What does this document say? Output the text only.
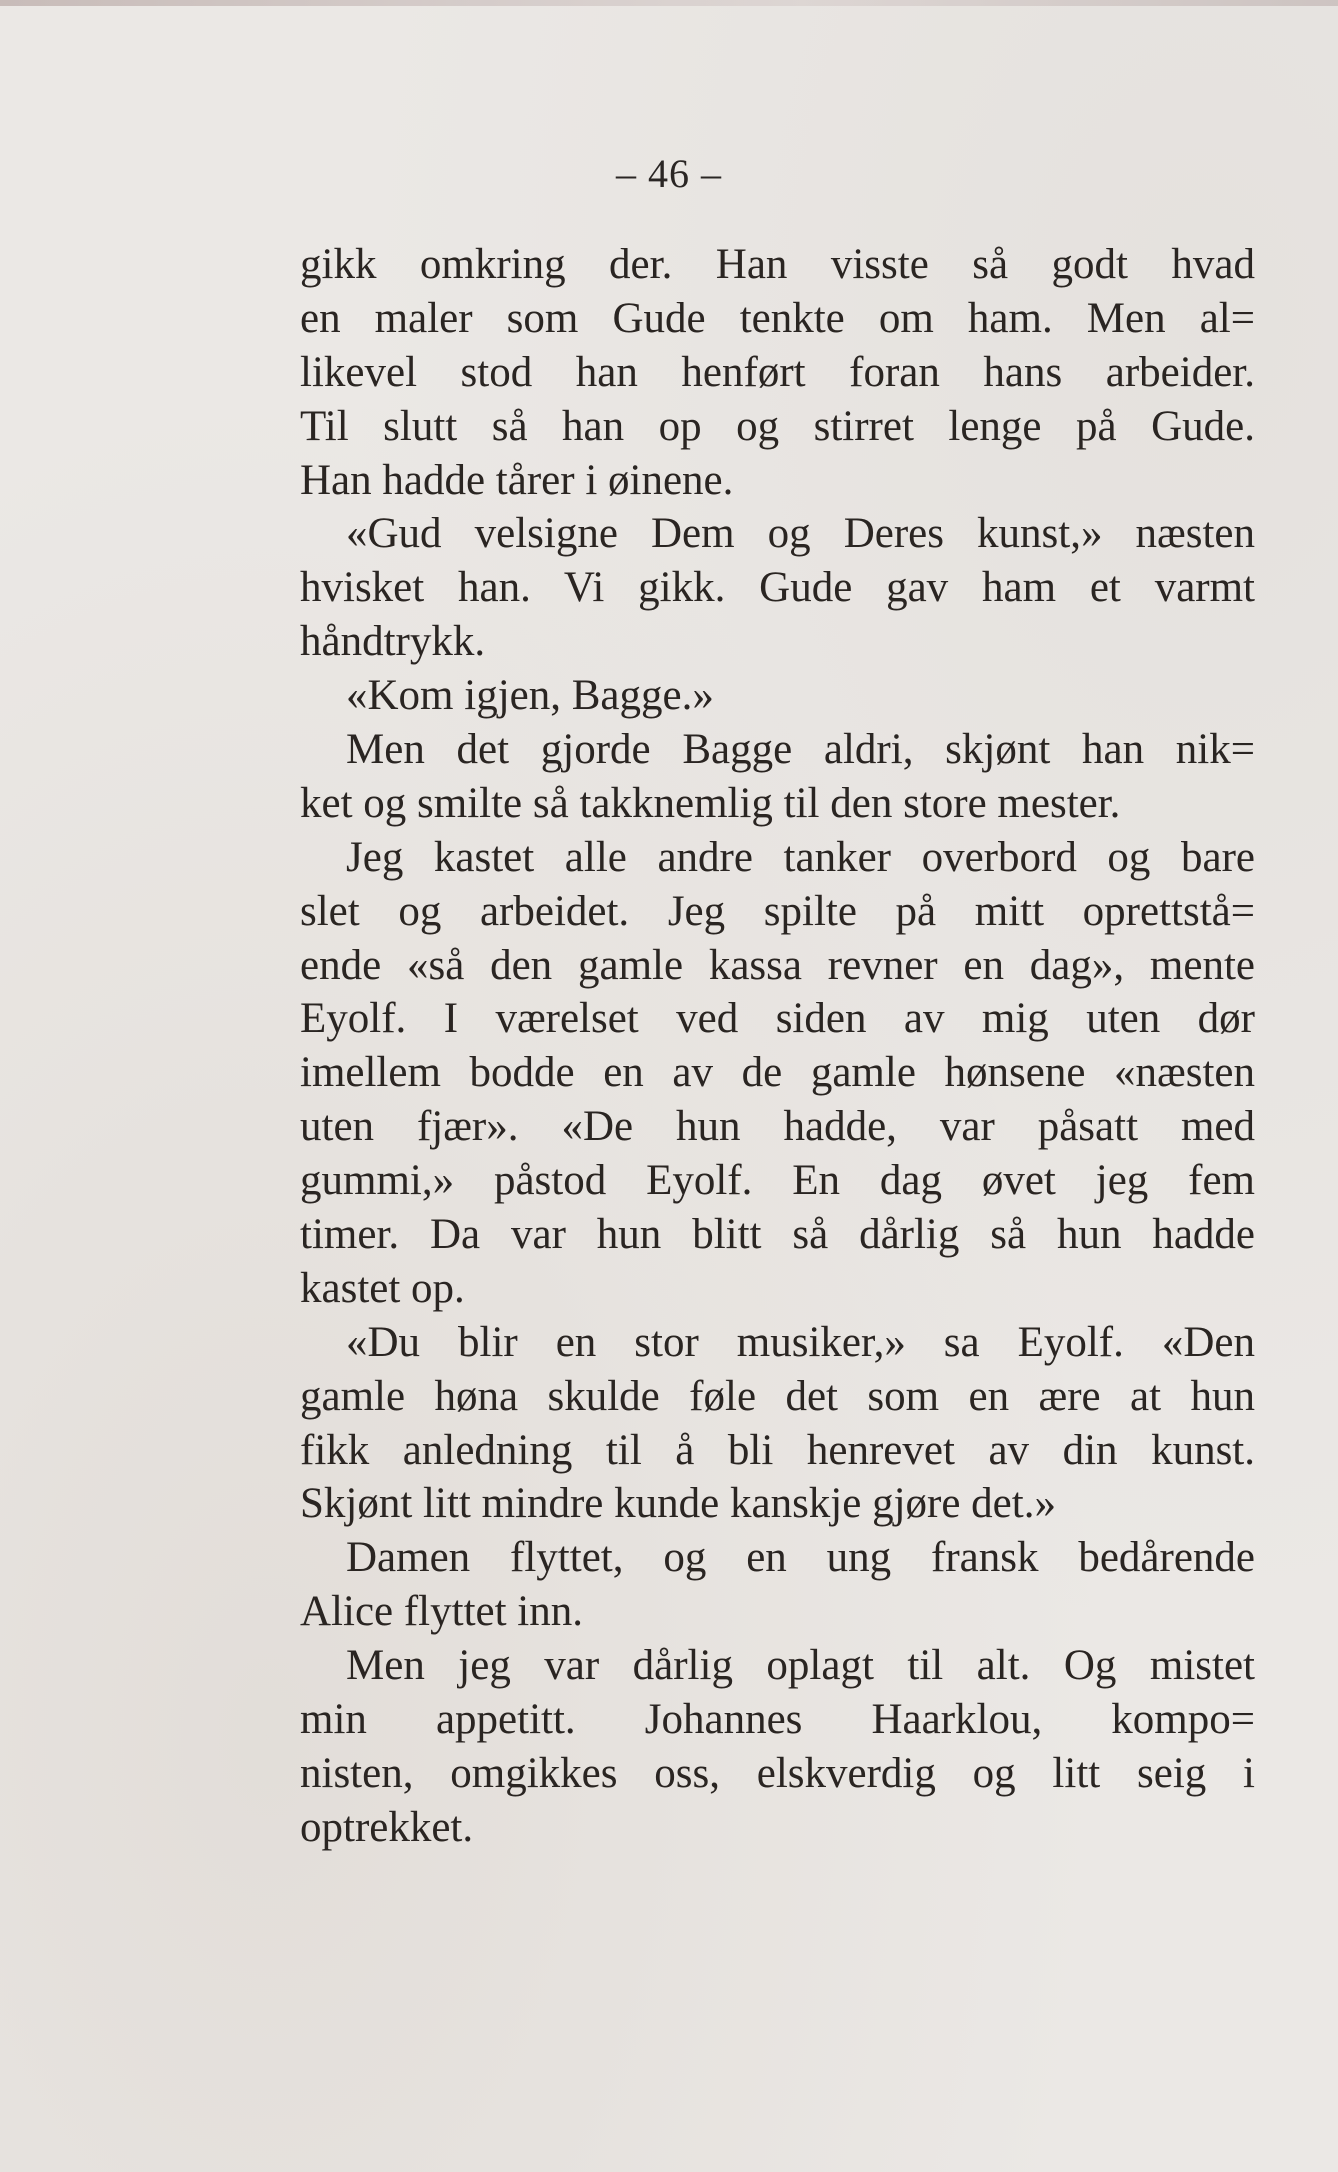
– 46 –
gikk omkring der. Han visste så godt hvad
en maler som Gude tenkte om ham. Men al=
likevel stod han henført foran hans arbeider.
Til slutt så han op og stirret lenge på Gude.
Han hadde tårer i øinene.
«Gud velsigne Dem og Deres kunst,» næsten
hvisket han. Vi gikk. Gude gav ham et varmt
håndtrykk.
«Kom igjen, Bagge.»
Men det gjorde Bagge aldri, skjønt han nik=
ket og smilte så takknemlig til den store mester.
Jeg kastet alle andre tanker overbord og bare
slet og arbeidet. Jeg spilte på mitt oprettstå=
ende «så den gamle kassa revner en dag», mente
Eyolf. I værelset ved siden av mig uten dør
imellem bodde en av de gamle hønsene «næsten
uten fjær». «De hun hadde, var påsatt med
gummi,» påstod Eyolf. En dag øvet jeg fem
timer. Da var hun blitt så dårlig så hun hadde
kastet op.
«Du blir en stor musiker,» sa Eyolf. «Den
gamle høna skulde føle det som en ære at hun
fikk anledning til å bli henrevet av din kunst.
Skjønt litt mindre kunde kanskje gjøre det.»
Damen flyttet, og en ung fransk bedårende
Alice flyttet inn.
Men jeg var dårlig oplagt til alt. Og mistet
min appetitt. Johannes Haarklou, kompo=
nisten, omgikkes oss, elskverdig og litt seig i
optrekket.
